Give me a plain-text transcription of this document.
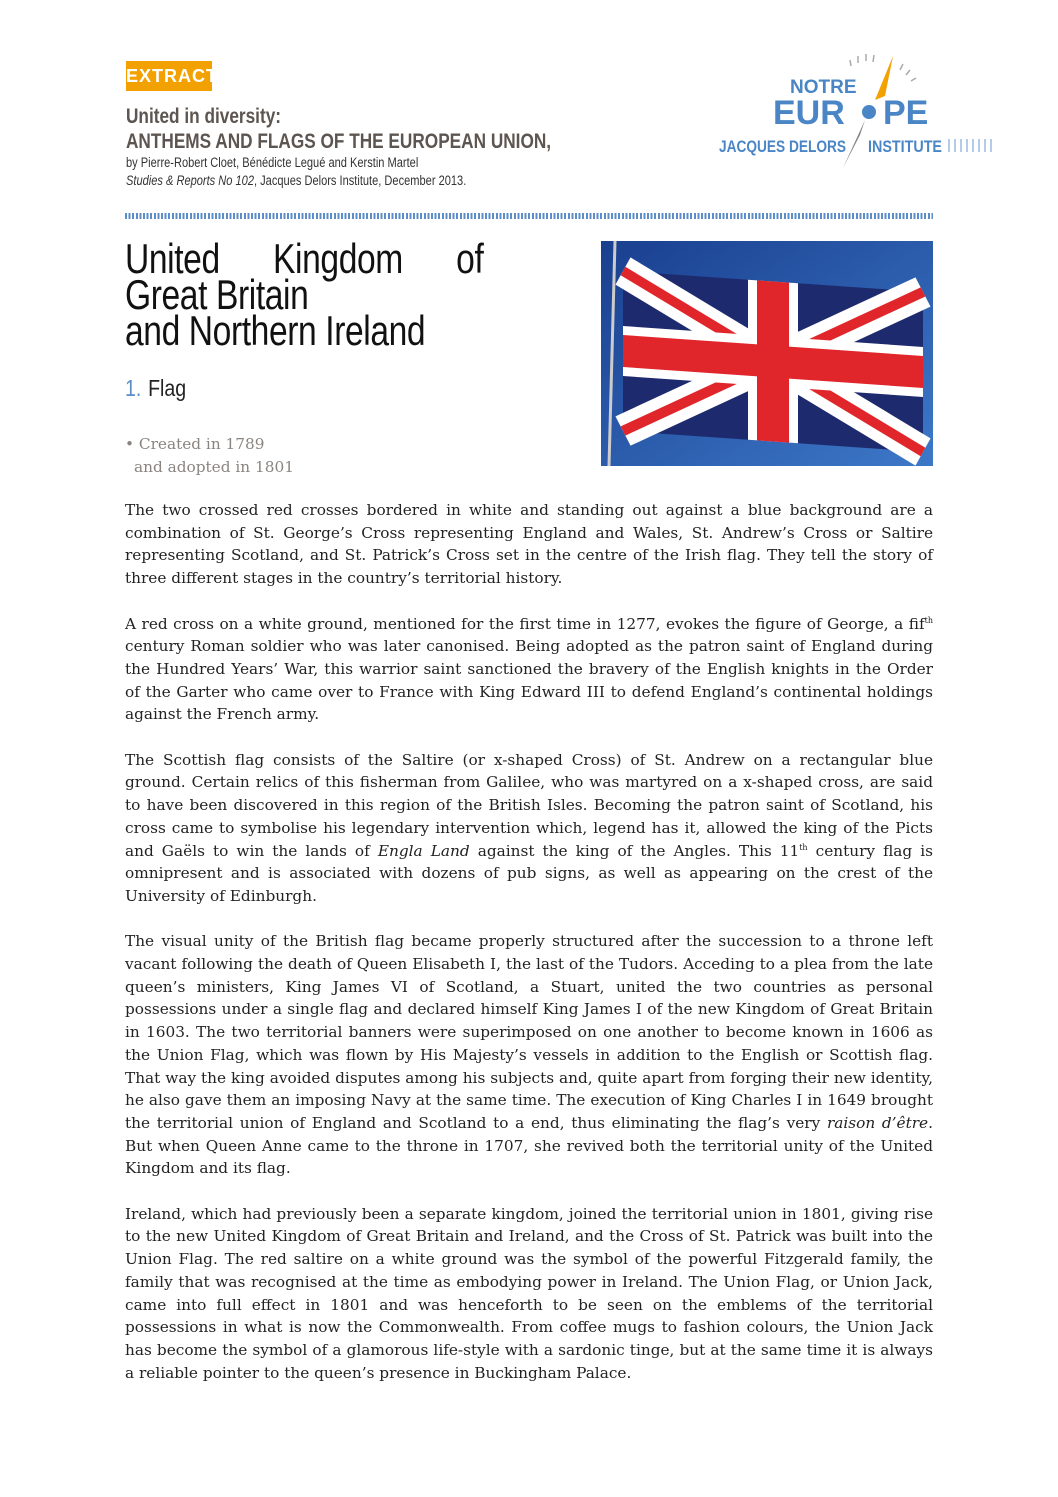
EXTRACT
United in diversity:
ANTHEMS AND FLAGS OF THE EUROPEAN UNION,
by Pierre-Robert Cloet, Bénédicte Legué and Kerstin Martel
Studies & Reports No 102, Jacques Delors Institute, December 2013.
NOTRE
EUR PE
JACQUES DELORS INSTITUTE
United Kingdom of Great Britain
and Northern Ireland
1. Flag
• Created in 1789
and adopted in 1801

The two crossed red crosses bordered in white and standing out against a blue background are a combination of St. George’s Cross representing England and Wales, St. Andrew’s Cross or Saltire representing Scotland, and St. Patrick’s Cross set in the centre of the Irish flag. They tell the story of three different stages in the country’s territorial history.

A red cross on a white ground, mentioned for the first time in 1277, evokes the figure of George, a fif$^{th}$ century Roman soldier who was later canonised. Being adopted as the patron saint of England during the Hundred Years’ War, this warrior saint sanctioned the bravery of the English knights in the Order of the Garter who came over to France with King Edward III to defend England’s continental holdings against the French army.

The Scottish flag consists of the Saltire (or x-shaped Cross) of St. Andrew on a rectangular blue ground. Certain relics of this fisherman from Galilee, who was martyred on a x-shaped cross, are said to have been discovered in this region of the British Isles. Becoming the patron saint of Scotland, his cross came to symbolise his legendary intervention which, legend has it, allowed the king of the Picts and Gaëls to win the lands of Engla Land against the king of the Angles. This 11th century flag is omnipresent and is associated with dozens of pub signs, as well as appearing on the crest of the University of Edinburgh.

The visual unity of the British flag became properly structured after the succession to a throne left vacant following the death of Queen Elisabeth I, the last of the Tudors. Acceding to a plea from the late queen’s ministers, King James VI of Scotland, a Stuart, united the two countries as personal possessions under a single flag and declared himself King James I of the new Kingdom of Great Britain in 1603. The two territorial banners were superimposed on one another to become known in 1606 as the Union Flag, which was flown by His Majesty’s vessels in addition to the English or Scottish flag. That way the king avoided disputes among his subjects and, quite apart from forging their new identity, he also gave them an imposing Navy at the same time. The execution of King Charles I in 1649 brought the territorial union of England and Scotland to a end, thus eliminating the flag’s very raison d’être. But when Queen Anne came to the throne in 1707, she revived both the territorial unity of the United Kingdom and its flag.

Ireland, which had previously been a separate kingdom, joined the territorial union in 1801, giving rise to the new United Kingdom of Great Britain and Ireland, and the Cross of St. Patrick was built into the Union Flag. The red saltire on a white ground was the symbol of the powerful Fitzgerald family, the family that was recognised at the time as embodying power in Ireland. The Union Flag, or Union Jack, came into full effect in 1801 and was henceforth to be seen on the emblems of the territorial possessions in what is now the Commonwealth. From coffee mugs to fashion colours, the Union Jack has become the symbol of a glamorous life-style with a sardonic tinge, but at the same time it is always a reliable pointer to the queen’s presence in Buckingham Palace.
